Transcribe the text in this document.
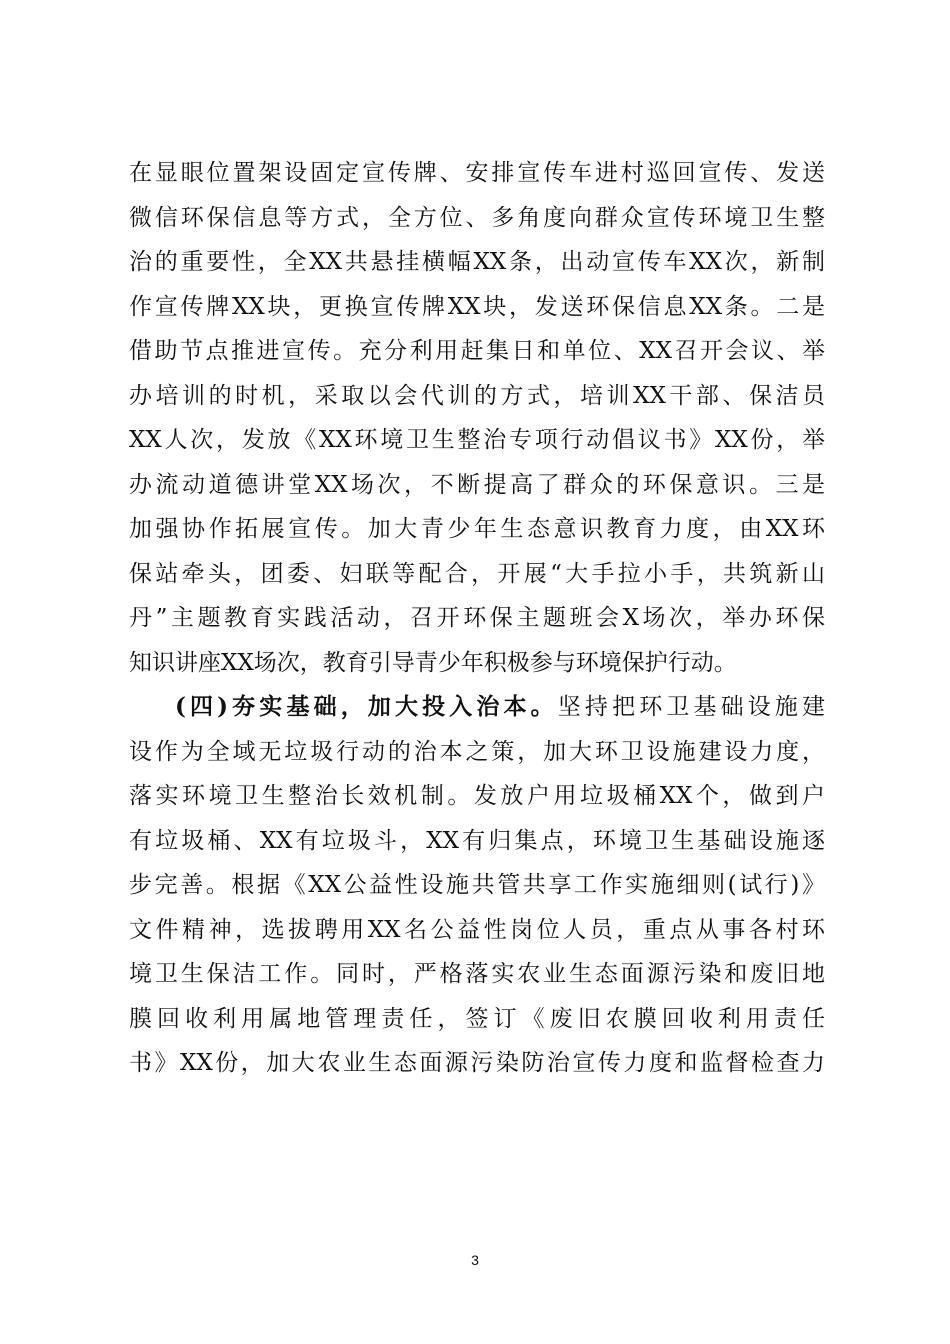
在显眼位置架设固定宣传牌、安排宣传车进村巡回宣传、发送
微信环保信息等方式，全方位、多角度向群众宣传环境卫生整
治的重要性，全XX共悬挂横幅XX条，出动宣传车XX次，新制
作宣传牌XX块，更换宣传牌XX块，发送环保信息XX条。二是
借助节点推进宣传。充分利用赶集日和单位、XX召开会议、举
办培训的时机，采取以会代训的方式，培训XX干部、保洁员
XX人次，发放《XX环境卫生整治专项行动倡议书》XX份，举
办流动道德讲堂XX场次，不断提高了群众的环保意识。三是
加强协作拓展宣传。加大青少年生态意识教育力度，由XX环
保站牵头，团委、妇联等配合，开展“大手拉小手，共筑新山
丹”主题教育实践活动，召开环保主题班会X场次，举办环保
知识讲座XX场次，教育引导青少年积极参与环境保护行动。
(四)夯实基础，加大投入治本。坚持把环卫基础设施建
设作为全域无垃圾行动的治本之策，加大环卫设施建设力度，
落实环境卫生整治长效机制。发放户用垃圾桶XX个，做到户
有垃圾桶、XX有垃圾斗，XX有归集点，环境卫生基础设施逐
步完善。根据《XX公益性设施共管共享工作实施细则(试行)》
文件精神，选拔聘用XX名公益性岗位人员，重点从事各村环
境卫生保洁工作。同时，严格落实农业生态面源污染和废旧地
膜回收利用属地管理责任，签订《废旧农膜回收利用责任
书》XX份，加大农业生态面源污染防治宣传力度和监督检查力
3
